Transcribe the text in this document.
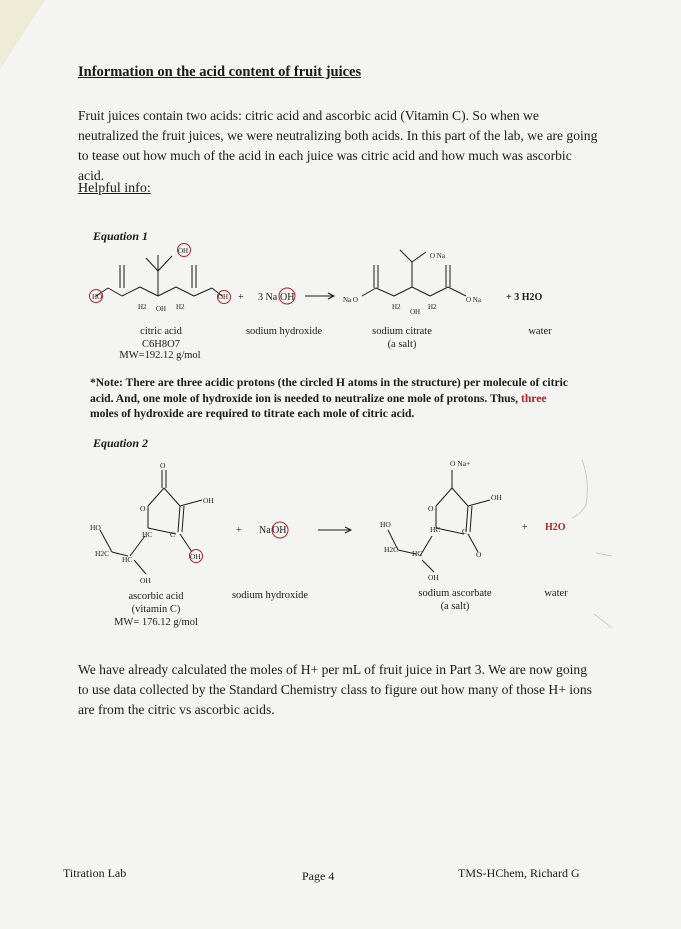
Information on the acid content of fruit juices

Fruit juices contain two acids: citric acid and ascorbic acid (Vitamin C). So when we neutralized the fruit juices, we were neutralizing both acids. In this part of the lab, we are going to tease out how much of the acid in each juice was citric acid and how much was ascorbic acid.

Helpful info:

Equation 1
HO
H2 OH H2
OH
OH	Na O
O Na
H2
OH
H2
O Na
+ 3 Na OH	+ 3 H2O
citric acid
C6H8O7
MW=192.12 g/mol
sodium hydroxide	sodium citrate
(a salt)
water

*Note: There are three acidic protons (the circled H atoms in the structure) per molecule of citric acid. And, one mole of hydroxide ion is needed to neutralize one mole of protons. Thus, three moles of hydroxide are required to titrate each mole of citric acid.

Equation 2
O
O
OH
HO
HC C
H2C
HC	OH
OH
O Na+
O
OH
HO
HC	C
H2C HC	O
OH
+ Na OH	+ H2O
ascorbic acid
(vitamin C)
MW= 176.12 g/mol
sodium hydroxide	sodium ascorbate
(a salt)
water

We have already calculated the moles of H+ per mL of fruit juice in Part 3. We are now going to use data collected by the Standard Chemistry class to figure out how many of those H+ ions are from the citric vs ascorbic acids.

Titration Lab	Page 4	TMS-HChem, Richard G
